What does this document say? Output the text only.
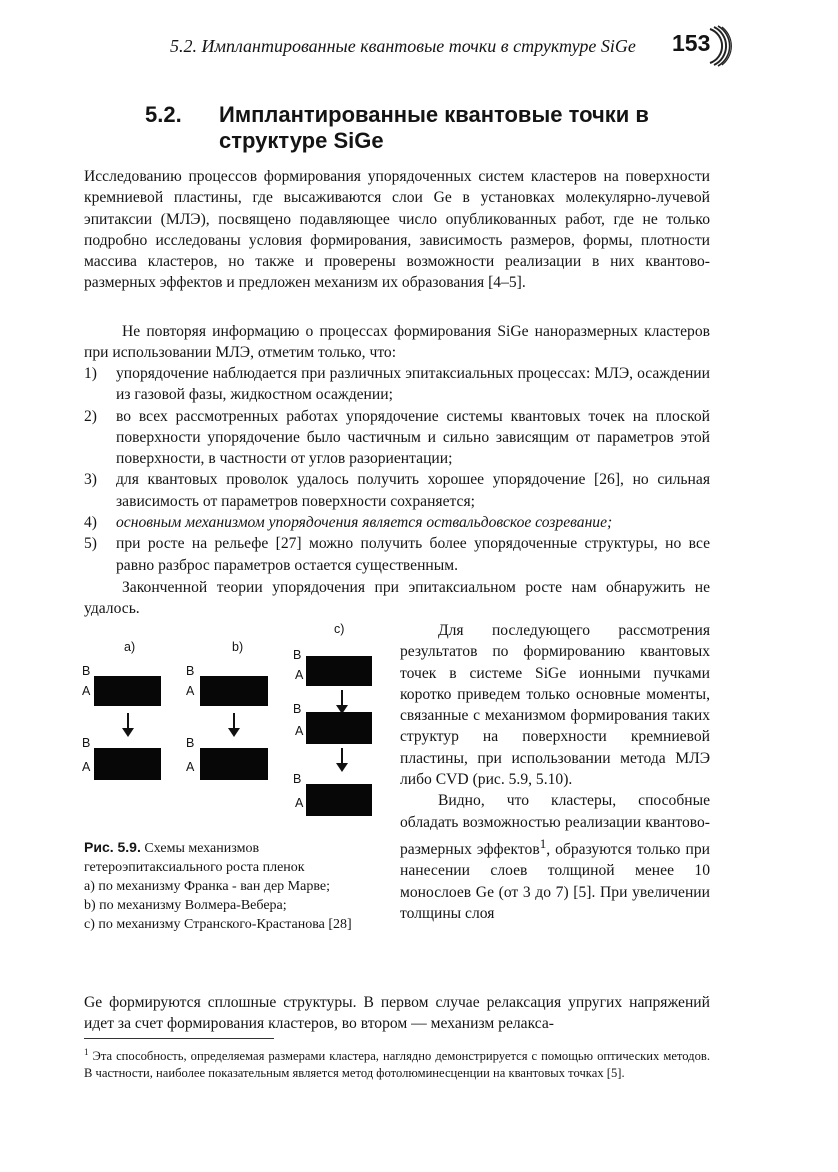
5.2. Имплантированные квантовые точки в структуре SiGe 153
5.2. Имплантированные квантовые точки в
структуре SiGe
Исследованию процессов формирования упорядоченных систем кластеров на поверхности кремниевой пластины, где высаживаются слои Ge в установках молекулярно-лучевой эпитаксии (МЛЭ), посвящено подавляющее число опубликованных работ, где не только подробно исследованы условия формирования, зависимость размеров, формы, плотности массива кластеров, но также и проверены возможности реализации в них квантово-размерных эффектов и предложен механизм их образования [4–5].
Не повторяя информацию о процессах формирования SiGe наноразмерных кластеров при использовании МЛЭ, отметим только, что:
1) упорядочение наблюдается при различных эпитаксиальных процессах: МЛЭ, осаждении из газовой фазы, жидкостном осаждении;
2) во всех рассмотренных работах упорядочение системы квантовых точек на плоской поверхности упорядочение было частичным и сильно зависящим от параметров этой поверхности, в частности от углов разориентации;
3) для квантовых проволок удалось получить хорошее упорядочение [26], но сильная зависимость от параметров поверхности сохраняется;
4) основным механизмом упорядочения является оствальдовское созревание;
5) при росте на рельефе [27] можно получить более упорядоченные структуры, но все равно разброс параметров остается существенным.
Законченной теории упорядочения при эпитаксиальном росте нам обнаружить не удалось.
a)
B
A
B
A
b)
B
A
B
A
c)
B
A
B
A
B
A
Рис. 5.9. Схемы механизмов гетероэпитаксиального роста пленок
a) по механизму Франка - ван дер Марве;
b) по механизму Волмера-Вебера;
c) по механизму Странского-Крастанова [28]
Для последующего рассмотрения результатов по формированию квантовых точек в системе SiGe ионными пучками коротко приведем только основные моменты, связанные с механизмом формирования таких структур на поверхности кремниевой пластины, при использовании метода МЛЭ либо CVD (рис. 5.9, 5.10).
Видно, что кластеры, способные обладать возможностью реализации квантово-размерных эффектов$^1$, образуются только при нанесении слоев толщиной менее 10 монослоев Ge (от 3 до 7) [5]. При увеличении толщины слоя
Ge формируются сплошные структуры. В первом случае релаксация упругих напряжений идет за счет формирования кластеров, во втором — механизм релакса-
$^1$ Эта способность, определяемая размерами кластера, наглядно демонстрируется с помощью оптических методов. В частности, наиболее показательным является метод фотолюминесценции на квантовых точках [5].
